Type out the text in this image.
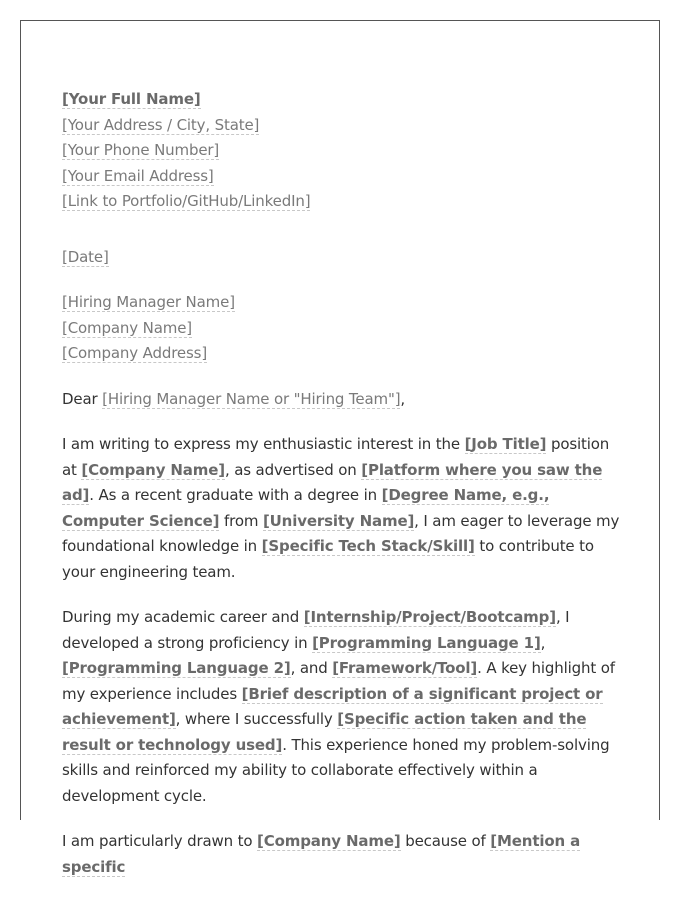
[Your Full Name]
[Your Address / City, State]
[Your Phone Number]
[Your Email Address]
[Link to Portfolio/GitHub/LinkedIn]
[Date]
[Hiring Manager Name]
[Company Name]
[Company Address]

Dear [Hiring Manager Name or "Hiring Team"],

I am writing to express my enthusiastic interest in the [Job Title] position at [Company Name], as advertised on [Platform where you saw the ad]. As a recent graduate with a degree in [Degree Name, e.g., Computer Science] from [University Name], I am eager to leverage my foundational knowledge in [Specific Tech Stack/Skill] to contribute to your engineering team.

During my academic career and [Internship/Project/Bootcamp], I developed a strong proficiency in [Programming Language 1], [Programming Language 2], and [Framework/Tool]. A key highlight of my experience includes [Brief description of a significant project or achievement], where I successfully [Specific action taken and the result or technology used]. This experience honed my problem-solving skills and reinforced my ability to collaborate effectively within a development cycle.

I am particularly drawn to [Company Name] because of [Mention a specific
